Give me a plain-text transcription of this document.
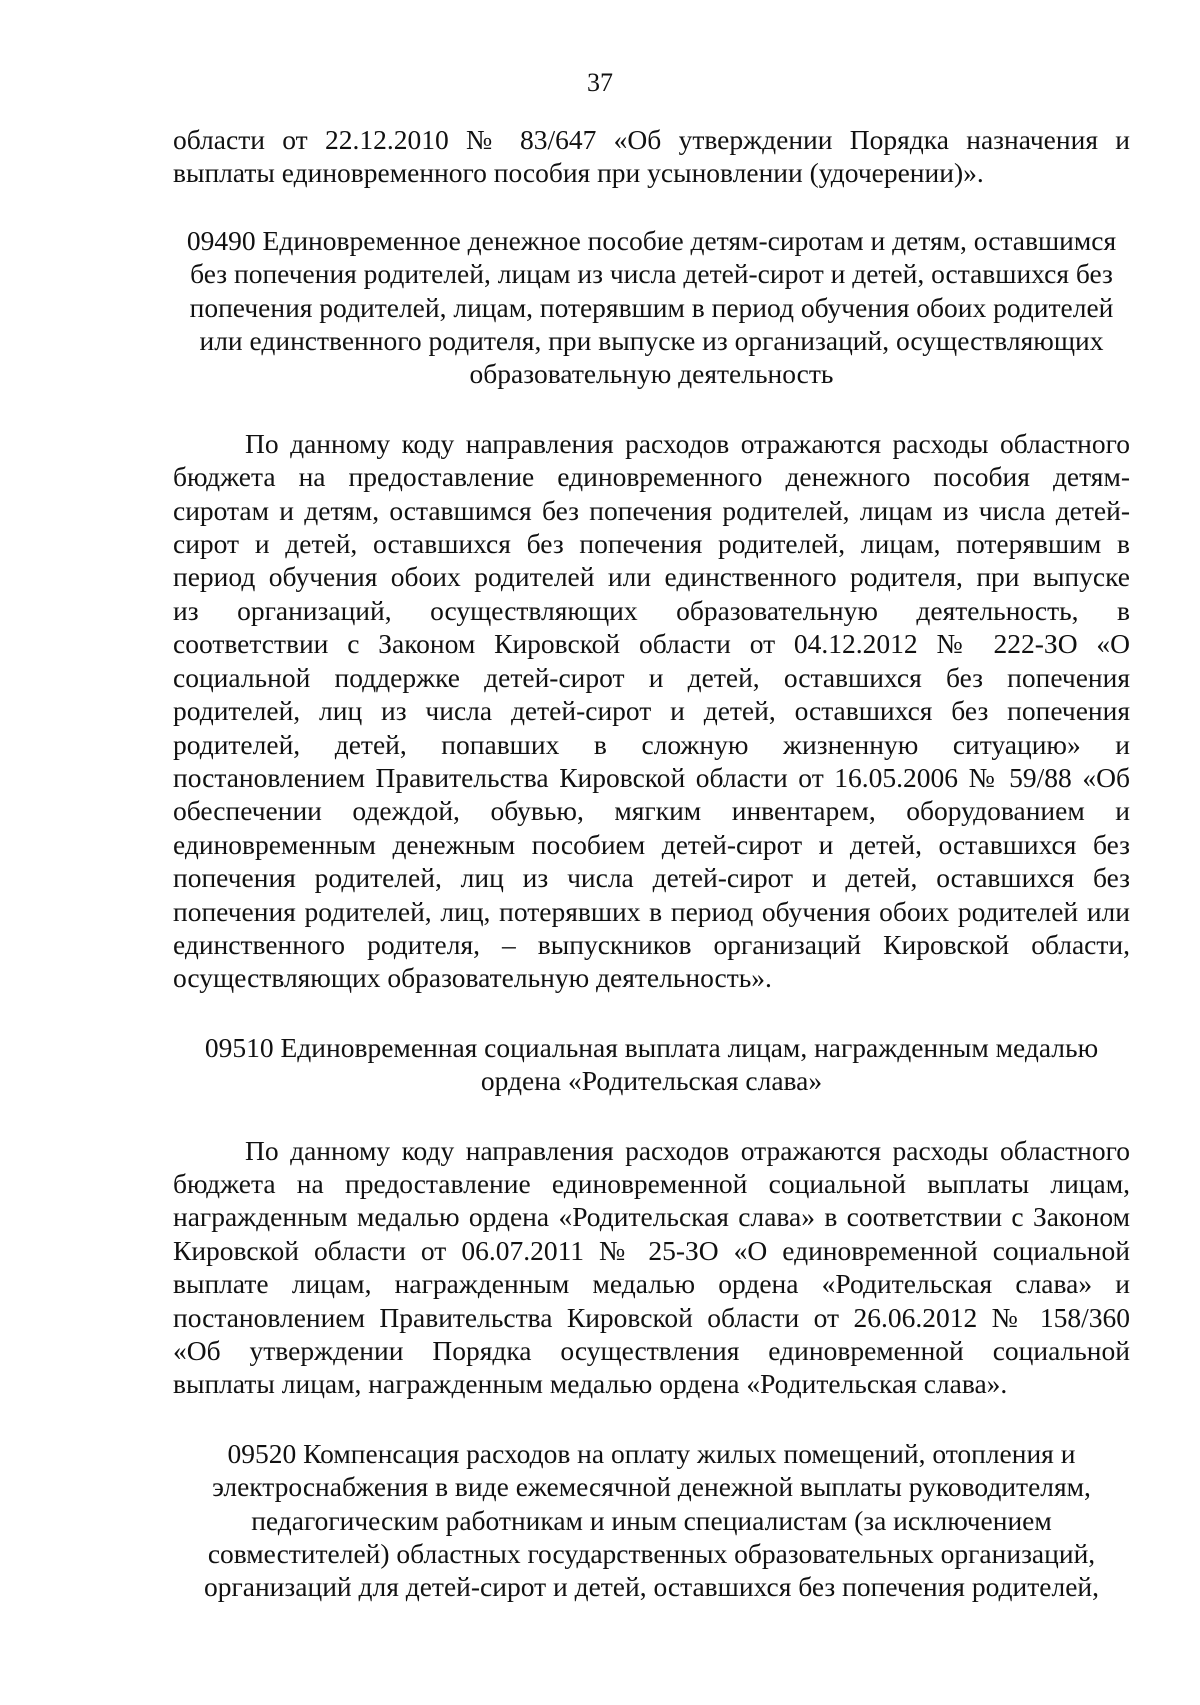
37
области от 22.12.2010 № 83/647 «Об утверждении Порядка назначения и
выплаты единовременного пособия при усыновлении (удочерении)».
09490 Единовременное денежное пособие детям-сиротам и детям, оставшимся
без попечения родителей, лицам из числа детей-сирот и детей, оставшихся без
попечения родителей, лицам, потерявшим в период обучения обоих родителей
или единственного родителя, при выпуске из организаций, осуществляющих
образовательную деятельность
По данному коду направления расходов отражаются расходы областного
бюджета на предоставление единовременного денежного пособия детям-
сиротам и детям, оставшимся без попечения родителей, лицам из числа детей-
сирот и детей, оставшихся без попечения родителей, лицам, потерявшим в
период обучения обоих родителей или единственного родителя, при выпуске
из организаций, осуществляющих образовательную деятельность, в
соответствии с Законом Кировской области от 04.12.2012 № 222-ЗО «О
социальной поддержке детей-сирот и детей, оставшихся без попечения
родителей, лиц из числа детей-сирот и детей, оставшихся без попечения
родителей, детей, попавших в сложную жизненную ситуацию» и
постановлением Правительства Кировской области от 16.05.2006 № 59/88 «Об
обеспечении одеждой, обувью, мягким инвентарем, оборудованием и
единовременным денежным пособием детей-сирот и детей, оставшихся без
попечения родителей, лиц из числа детей-сирот и детей, оставшихся без
попечения родителей, лиц, потерявших в период обучения обоих родителей или
единственного родителя, – выпускников организаций Кировской области,
осуществляющих образовательную деятельность».
09510 Единовременная социальная выплата лицам, награжденным медалью
ордена «Родительская слава»
По данному коду направления расходов отражаются расходы областного
бюджета на предоставление единовременной социальной выплаты лицам,
награжденным медалью ордена «Родительская слава» в соответствии с Законом
Кировской области от 06.07.2011 № 25-ЗО «О единовременной социальной
выплате лицам, награжденным медалью ордена «Родительская слава» и
постановлением Правительства Кировской области от 26.06.2012 № 158/360
«Об утверждении Порядка осуществления единовременной социальной
выплаты лицам, награжденным медалью ордена «Родительская слава».
09520 Компенсация расходов на оплату жилых помещений, отопления и
электроснабжения в виде ежемесячной денежной выплаты руководителям,
педагогическим работникам и иным специалистам (за исключением
совместителей) областных государственных образовательных организаций,
организаций для детей-сирот и детей, оставшихся без попечения родителей,
